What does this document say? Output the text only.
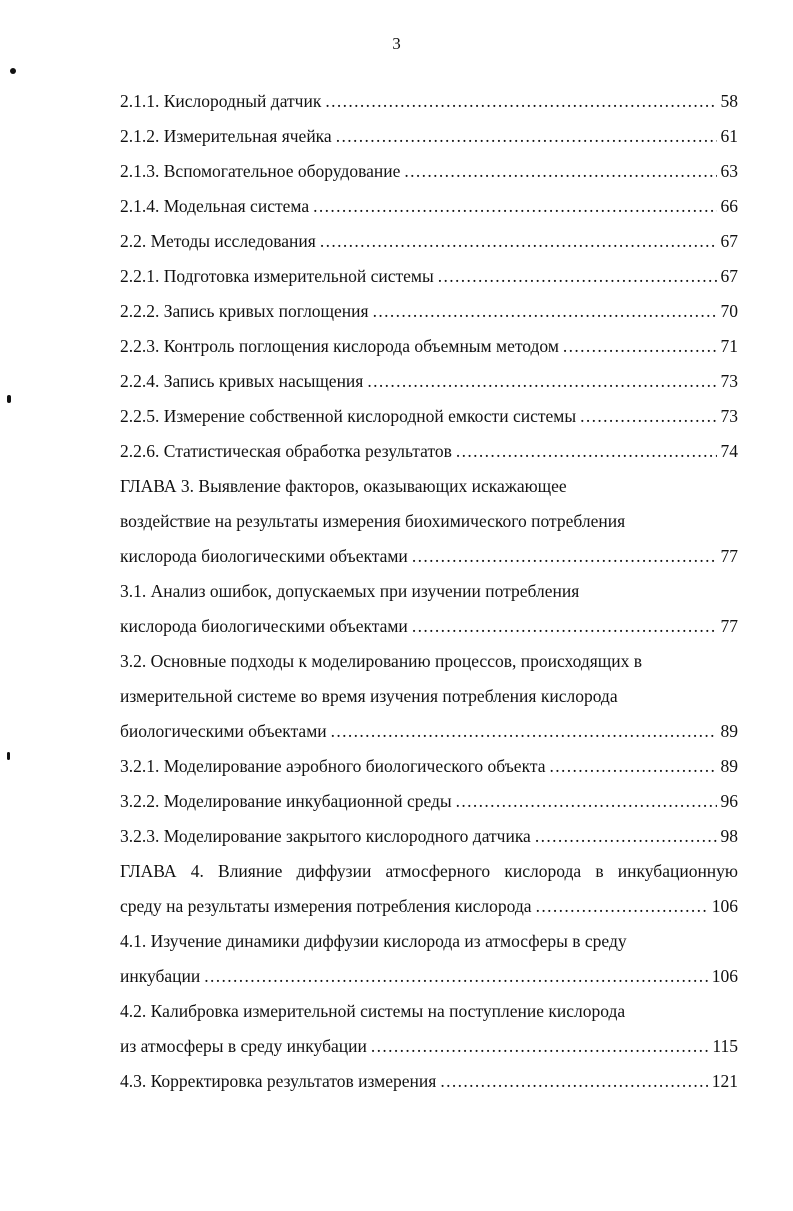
3
2.1.1. Кислородный датчик . . .	58
2.1.2. Измерительная ячейка . . .	61
2.1.3. Вспомогательное оборудование . . .	63
2.1.4. Модельная система . . .	66
2.2. Методы исследования . . .	67
2.2.1. Подготовка измерительной системы . . .	67
2.2.2. Запись кривых поглощения . . .	70
2.2.3. Контроль поглощения кислорода объемным методом . . .	71
2.2.4. Запись кривых насыщения . . .	73
2.2.5. Измерение собственной кислородной емкости системы . . .	73
2.2.6. Статистическая обработка результатов . . .	74
ГЛАВА 3. Выявление факторов, оказывающих искажающее
воздействие на результаты измерения биохимического потребления
кислорода биологическими объектами . . .	77
3.1. Анализ ошибок, допускаемых при изучении потребления
кислорода биологическими объектами . . .	77
3.2. Основные подходы к моделированию процессов, происходящих в
измерительной системе во время изучения потребления кислорода
биологическими объектами . . .	89
3.2.1. Моделирование аэробного биологического объекта . . .	89
3.2.2. Моделирование инкубационной среды . . .	96
3.2.3. Моделирование закрытого кислородного датчика . . .	98
ГЛАВА 4. Влияние диффузии атмосферного кислорода в инкубационную
среду на результаты измерения потребления кислорода . . .	106
4.1. Изучение динамики диффузии кислорода из атмосферы в среду
инкубации . . .	106
4.2. Калибровка измерительной системы на поступление кислорода
из атмосферы в среду инкубации . . .	115
4.3. Корректировка результатов измерения . . .	121
